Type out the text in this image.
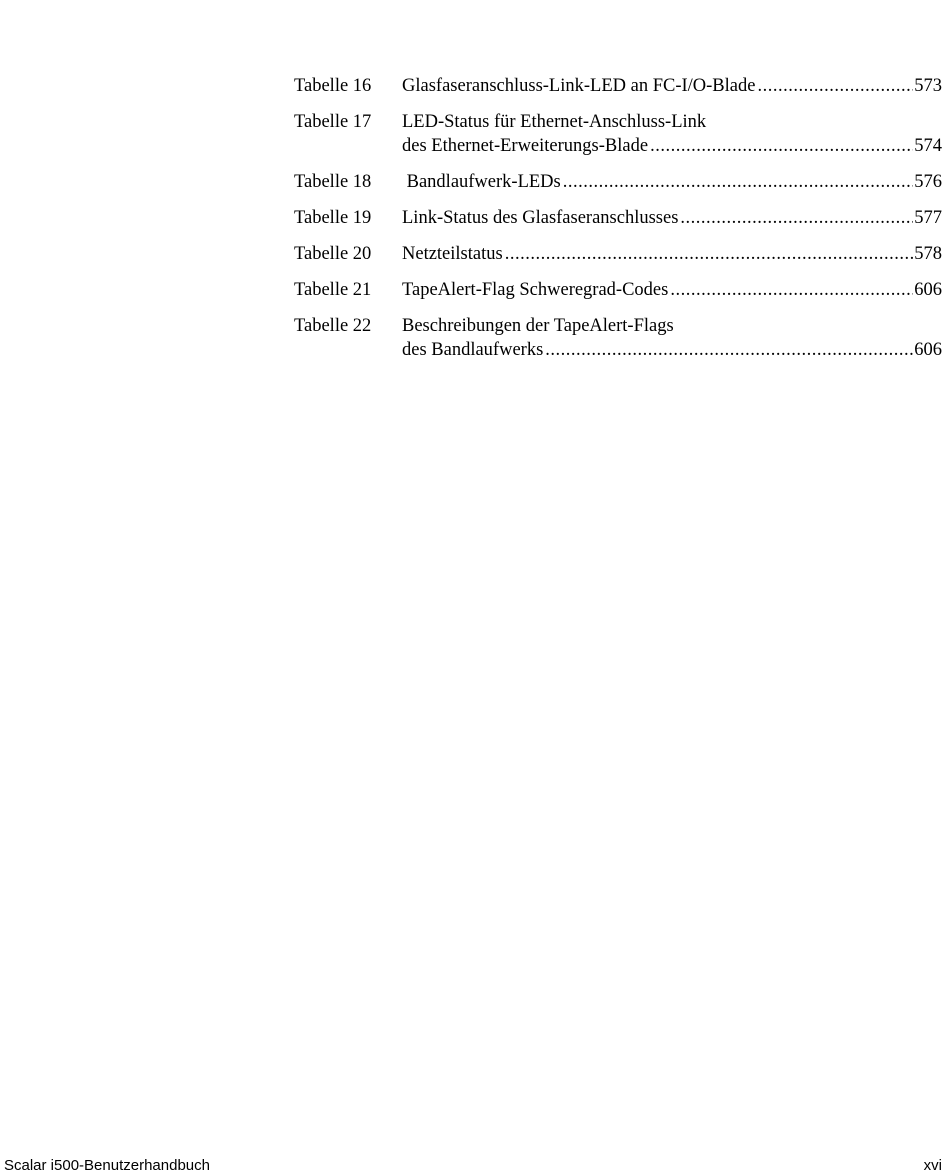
Tabelle 16	Glasfaseranschluss-Link-LED an FC-I/O-Blade .....	573
Tabelle 17	LED-Status für Ethernet-Anschluss-Link
des Ethernet-Erweiterungs-Blade .....	574
Tabelle 18	Bandlaufwerk-LEDs .....	576
Tabelle 19	Link-Status des Glasfaseranschlusses .....	577
Tabelle 20	Netzteilstatus .....	578
Tabelle 21	TapeAlert-Flag Schweregrad-Codes .....	606
Tabelle 22	Beschreibungen der TapeAlert-Flags
des Bandlaufwerks .....	606
Scalar i500-Benutzerhandbuch	xvi
